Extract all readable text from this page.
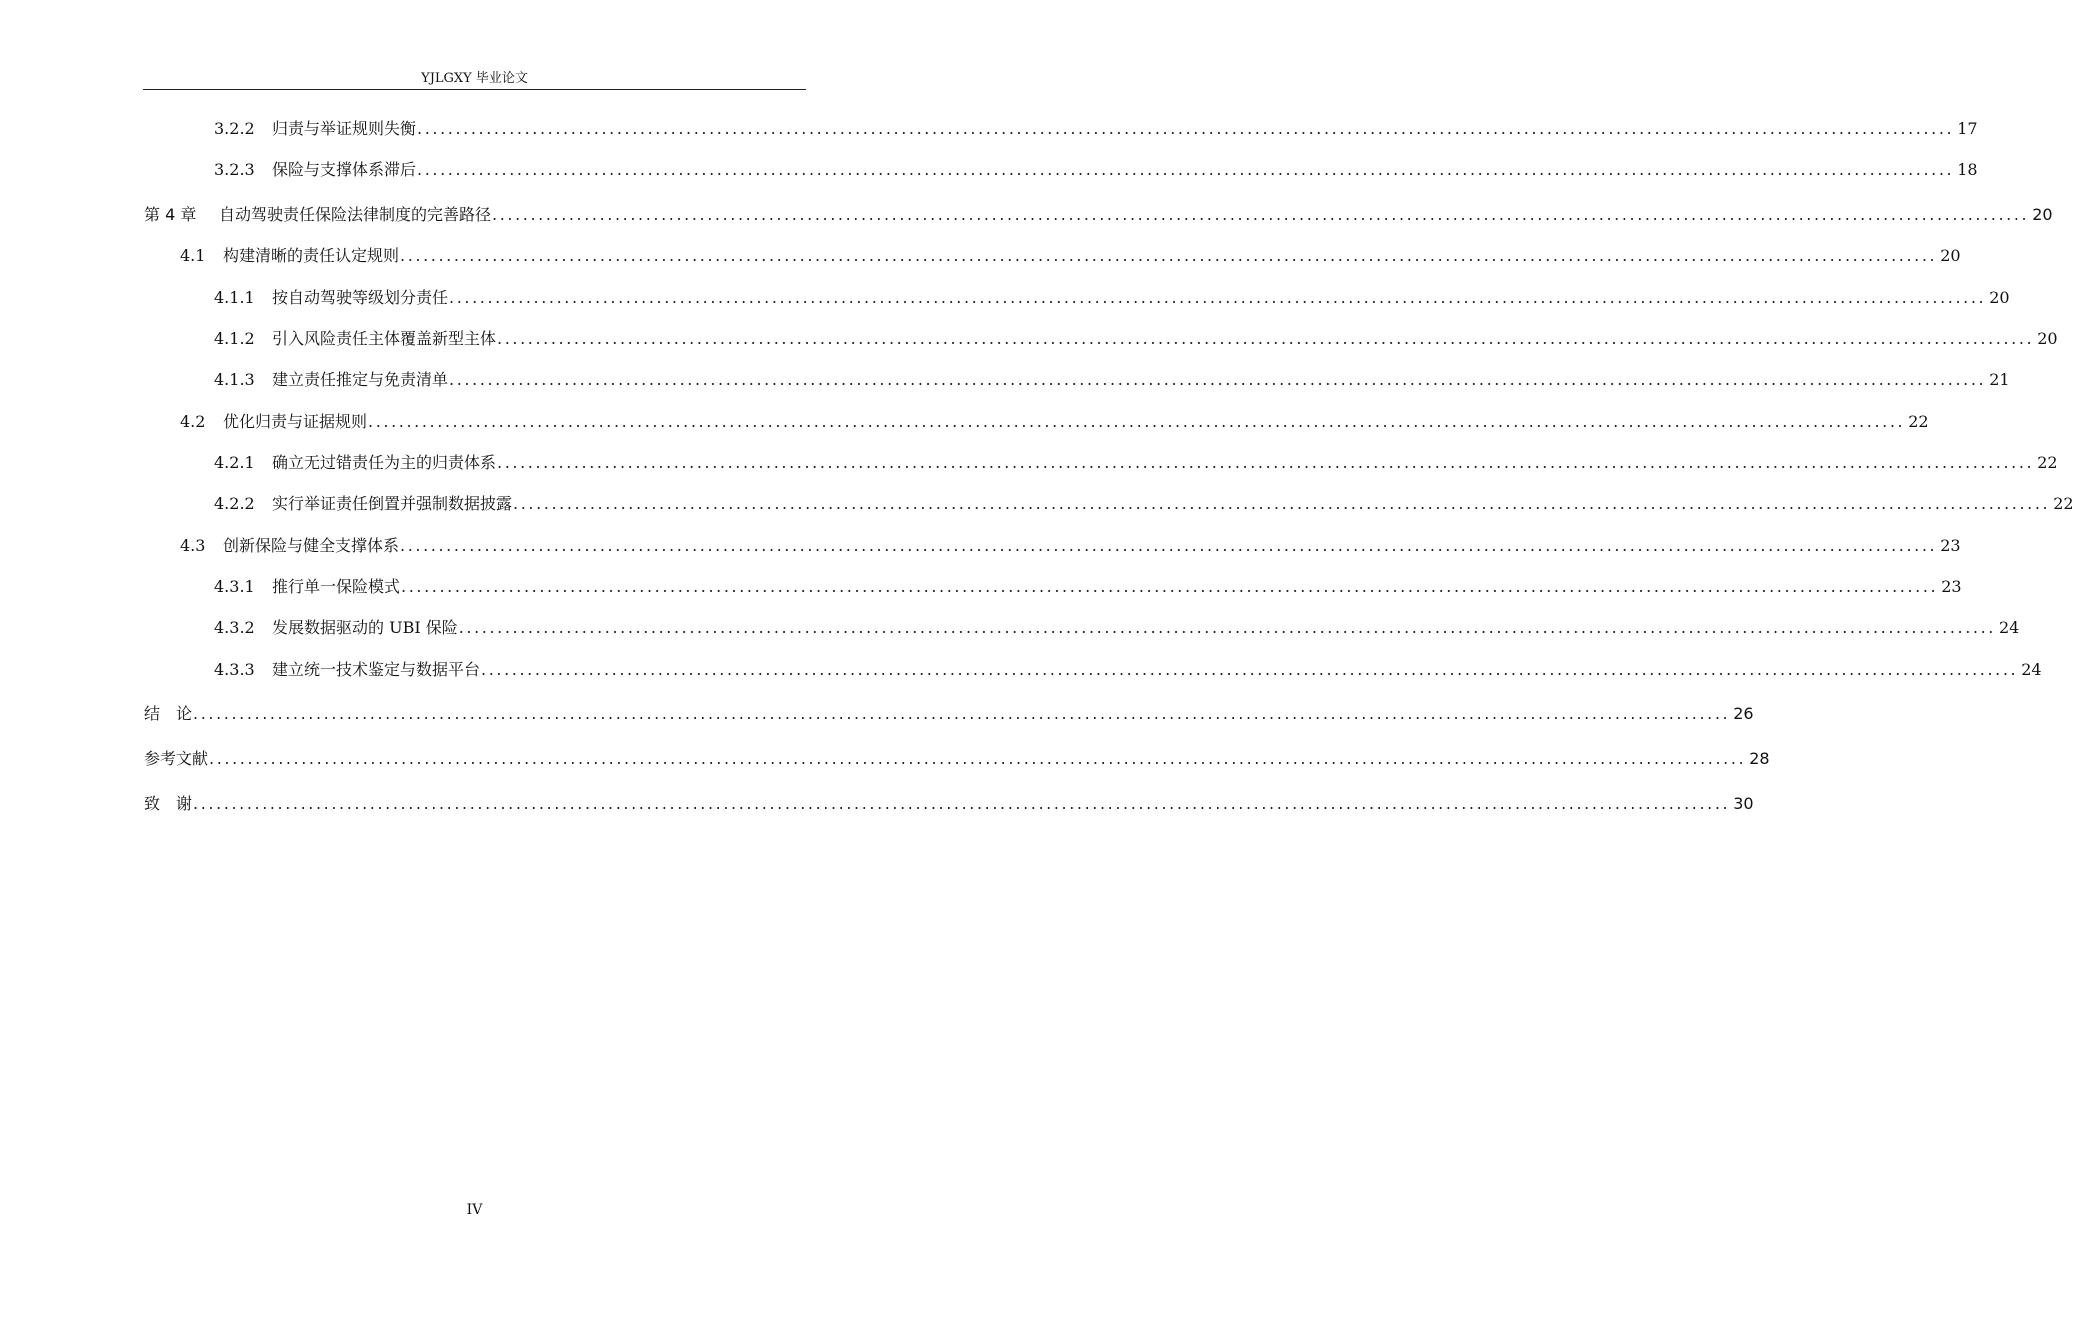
YJLGXY 毕业论文
3.2.2	归责与举证规则失衡 ........................................................................................................................................................................................................ 17
3.2.3	保险与支撑体系滞后 ........................................................................................................................................................................................................ 18
第 4 章	自动驾驶责任保险法律制度的完善路径 ........................................................................................................................................................................................................ 20
4.1	构建清晰的责任认定规则 ........................................................................................................................................................................................................ 20
4.1.1	按自动驾驶等级划分责任 ........................................................................................................................................................................................................ 20
4.1.2	引入风险责任主体覆盖新型主体 ........................................................................................................................................................................................................ 20
4.1.3	建立责任推定与免责清单 ........................................................................................................................................................................................................ 21
4.2	优化归责与证据规则 ........................................................................................................................................................................................................ 22
4.2.1	确立无过错责任为主的归责体系 ........................................................................................................................................................................................................ 22
4.2.2	实行举证责任倒置并强制数据披露 ........................................................................................................................................................................................................ 22
4.3	创新保险与健全支撑体系 ........................................................................................................................................................................................................ 23
4.3.1	推行单一保险模式 ........................................................................................................................................................................................................ 23
4.3.2	发展数据驱动的 UBI 保险 ........................................................................................................................................................................................................ 24
4.3.3	建立统一技术鉴定与数据平台 ........................................................................................................................................................................................................ 24
结　论 ........................................................................................................................................................................................................ 26
参考文献 ........................................................................................................................................................................................................ 28
致　谢 ........................................................................................................................................................................................................ 30
IV
